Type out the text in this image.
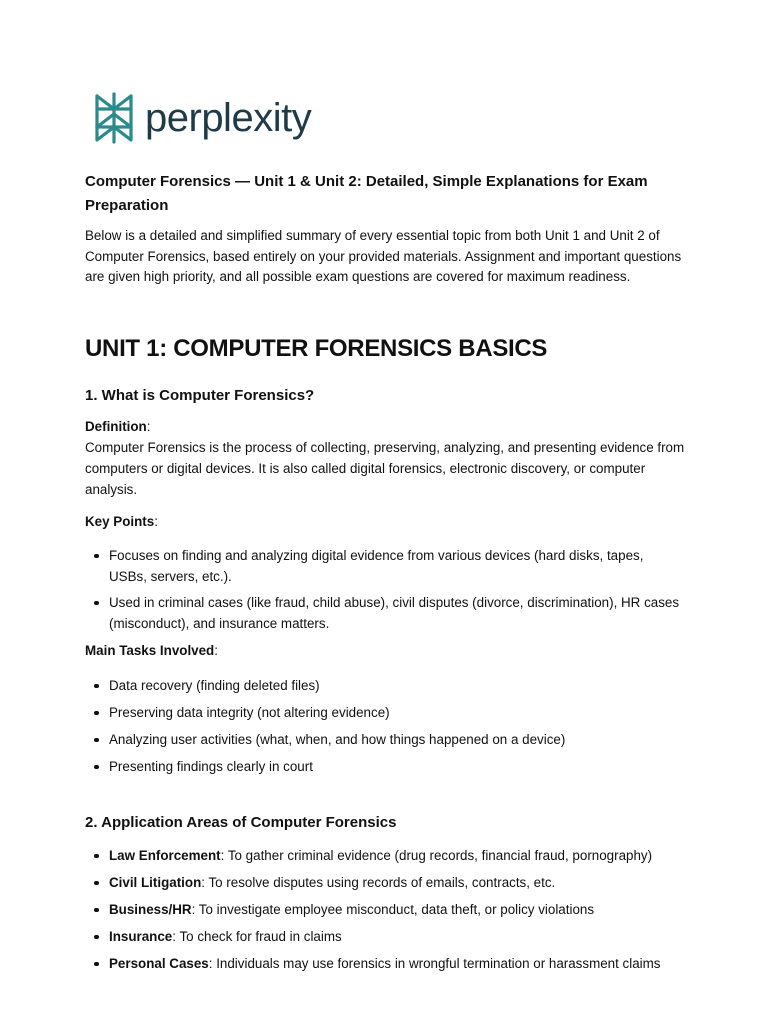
perplexity
Computer Forensics — Unit 1 & Unit 2: Detailed, Simple Explanations for Exam Preparation

Below is a detailed and simplified summary of every essential topic from both Unit 1 and Unit 2 of Computer Forensics, based entirely on your provided materials. Assignment and important questions are given high priority, and all possible exam questions are covered for maximum readiness.

UNIT 1: COMPUTER FORENSICS BASICS
1. What is Computer Forensics?

Definition:

Computer Forensics is the process of collecting, preserving, analyzing, and presenting evidence from computers or digital devices. It is also called digital forensics, electronic discovery, or computer analysis.

Key Points:

Focuses on finding and analyzing digital evidence from various devices (hard disks, tapes, USBs, servers, etc.).
Used in criminal cases (like fraud, child abuse), civil disputes (divorce, discrimination), HR cases (misconduct), and insurance matters.

Main Tasks Involved:

Data recovery (finding deleted files)
Preserving data integrity (not altering evidence)
Analyzing user activities (what, when, and how things happened on a device)
Presenting findings clearly in court
2. Application Areas of Computer Forensics
Law Enforcement: To gather criminal evidence (drug records, financial fraud, pornography)
Civil Litigation: To resolve disputes using records of emails, contracts, etc.
Business/HR: To investigate employee misconduct, data theft, or policy violations
Insurance: To check for fraud in claims
Personal Cases: Individuals may use forensics in wrongful termination or harassment claims
